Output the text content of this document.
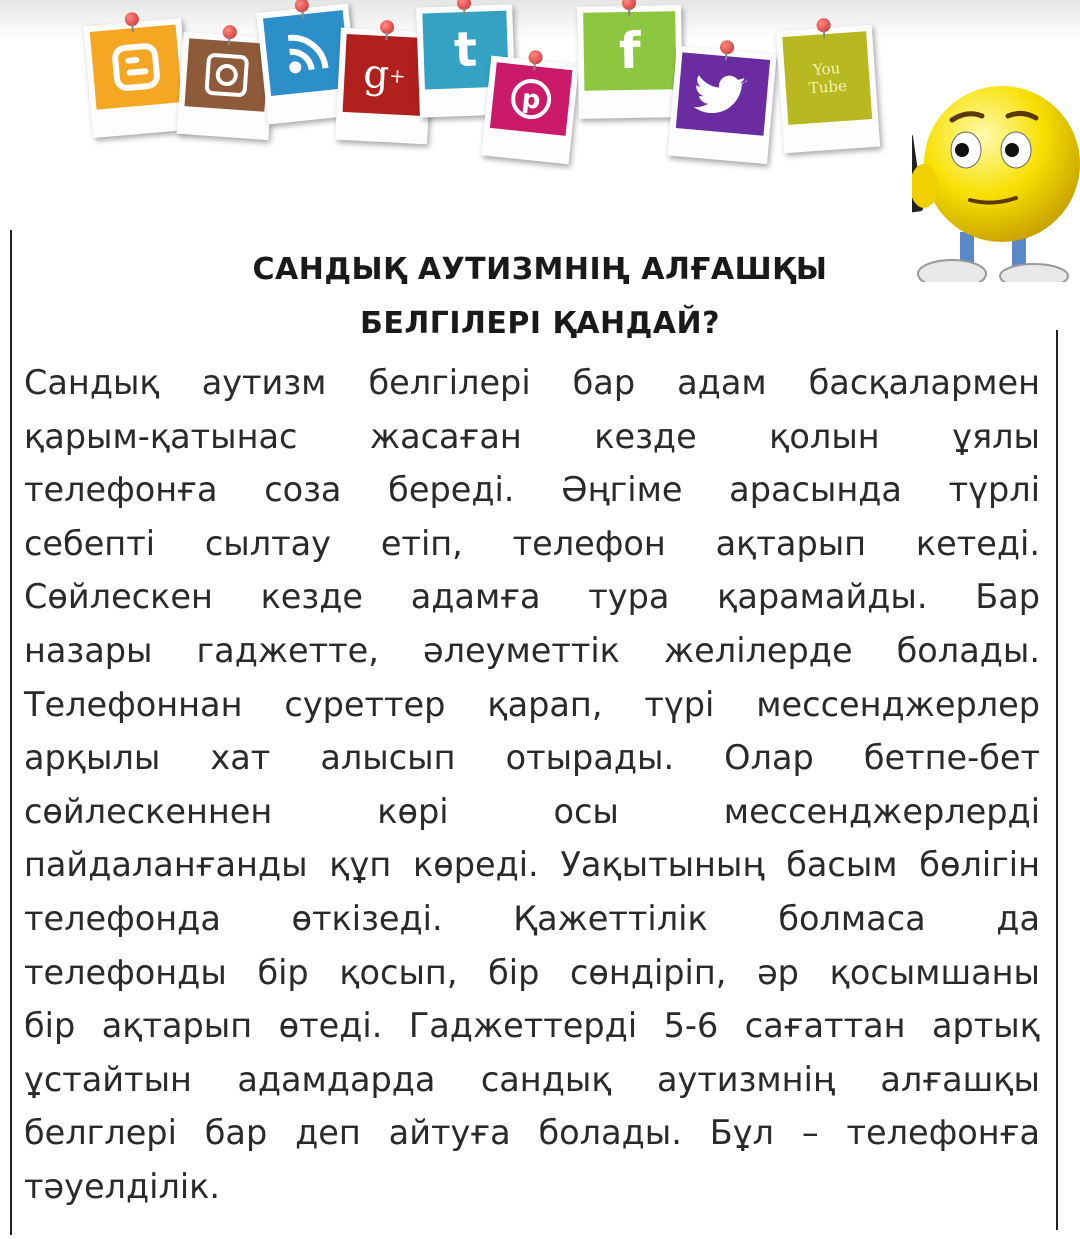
g
+ t
p
f	You
Tube
САНДЫҚ АУТИЗМНІҢ АЛҒАШҚЫ
БЕЛГІЛЕРІ ҚАНДАЙ?
Сандық аутизм белгілері бар адам басқалармен
қарым-қатынас жасаған кезде қолын ұялы
телефонға соза береді. Әңгіме арасында түрлі
себепті сылтау етіп, телефон ақтарып кетеді.
Сөйлескен кезде адамға тура қарамайды. Бар
назары гаджетте, әлеуметтік желілерде болады.
Телефоннан суреттер қарап, түрі мессенджерлер
арқылы хат алысып отырады. Олар бетпе-бет
сөйлескеннен көрі осы мессенджерлерді
пайдаланғанды құп көреді. Уақытының басым бөлігін
телефонда өткізеді. Қажеттілік болмаса да
телефонды бір қосып, бір сөндіріп, әр қосымшаны
бір ақтарып өтеді. Гаджеттерді 5-6 сағаттан артық
ұстайтын адамдарда сандық аутизмнің алғашқы
белглері бар деп айтуға болады. Бұл – телефонға
тәуелділік.
